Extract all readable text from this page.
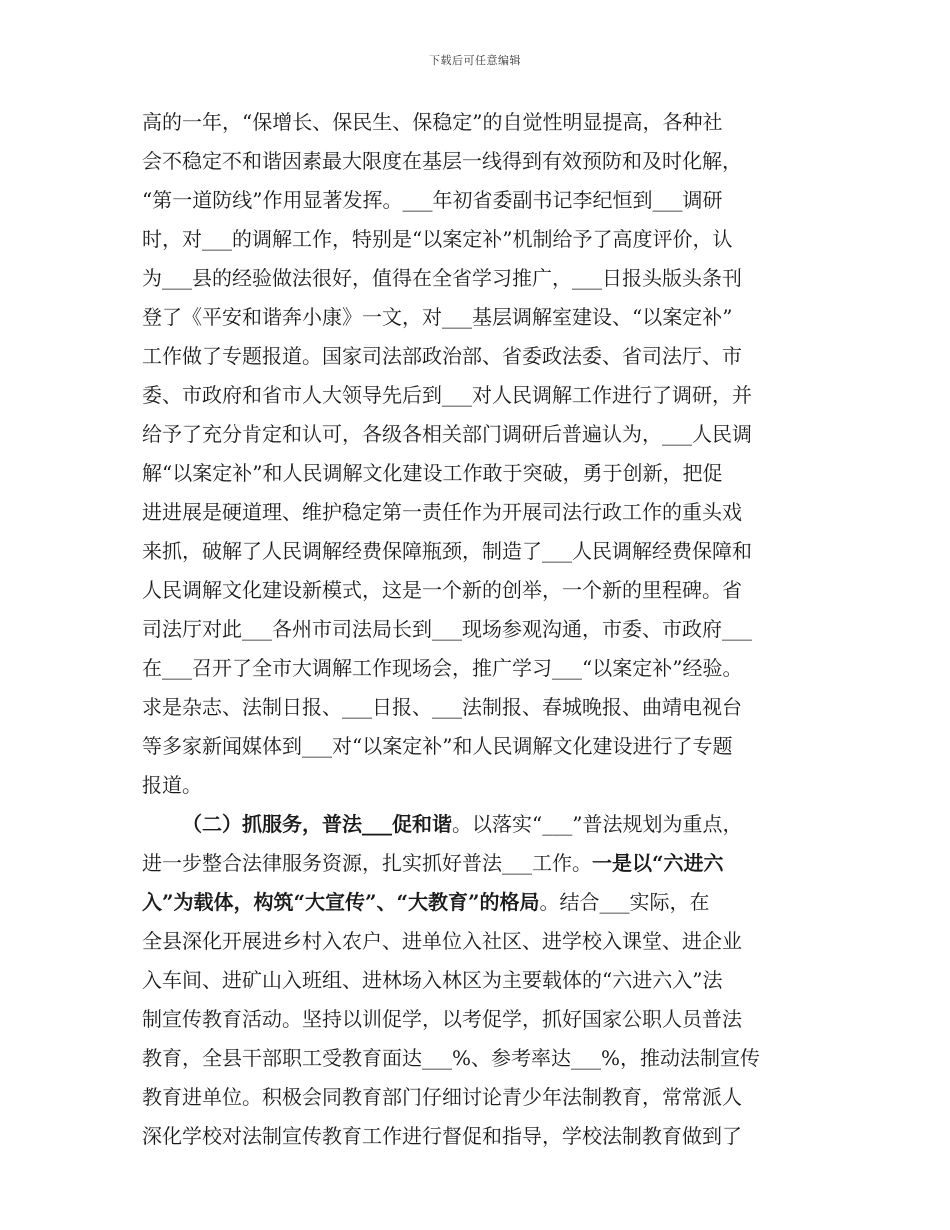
下载后可任意编辑
高的一年，“保增长、保民生、保稳定”的自觉性明显提高，各种社
会不稳定不和谐因素最大限度在基层一线得到有效预防和及时化解，
“第一道防线”作用显著发挥。___年初省委副书记李纪恒到___调研
时，对___的调解工作，特别是“以案定补”机制给予了高度评价，认
为___县的经验做法很好，值得在全省学习推广，___日报头版头条刊
登了《平安和谐奔小康》一文，对___基层调解室建设、“以案定补”
工作做了专题报道。国家司法部政治部、省委政法委、省司法厅、市
委、市政府和省市人大领导先后到___对人民调解工作进行了调研，并
给予了充分肯定和认可，各级各相关部门调研后普遍认为，___人民调
解“以案定补”和人民调解文化建设工作敢于突破，勇于创新，把促
进进展是硬道理、维护稳定第一责任作为开展司法行政工作的重头戏
来抓，破解了人民调解经费保障瓶颈，制造了___人民调解经费保障和
人民调解文化建设新模式，这是一个新的创举，一个新的里程碑。省
司法厅对此___各州市司法局长到___现场参观沟通，市委、市政府___
在___召开了全市大调解工作现场会，推广学习___“以案定补”经验。
求是杂志、法制日报、___日报、___法制报、春城晚报、曲靖电视台
等多家新闻媒体到___对“以案定补”和人民调解文化建设进行了专题
报道。
（二）抓服务，普法___促和谐。以落实“___”普法规划为重点，
进一步整合法律服务资源，扎实抓好普法___工作。一是以“六进六
入”为载体，构筑“大宣传”、“大教育”的格局。结合___实际，在
全县深化开展进乡村入农户、进单位入社区、进学校入课堂、进企业
入车间、进矿山入班组、进林场入林区为主要载体的“六进六入”法
制宣传教育活动。坚持以训促学，以考促学，抓好国家公职人员普法
教育，全县干部职工受教育面达___%、参考率达___%，推动法制宣传
教育进单位。积极会同教育部门仔细讨论青少年法制教育，常常派人
深化学校对法制宣传教育工作进行督促和指导，学校法制教育做到了
